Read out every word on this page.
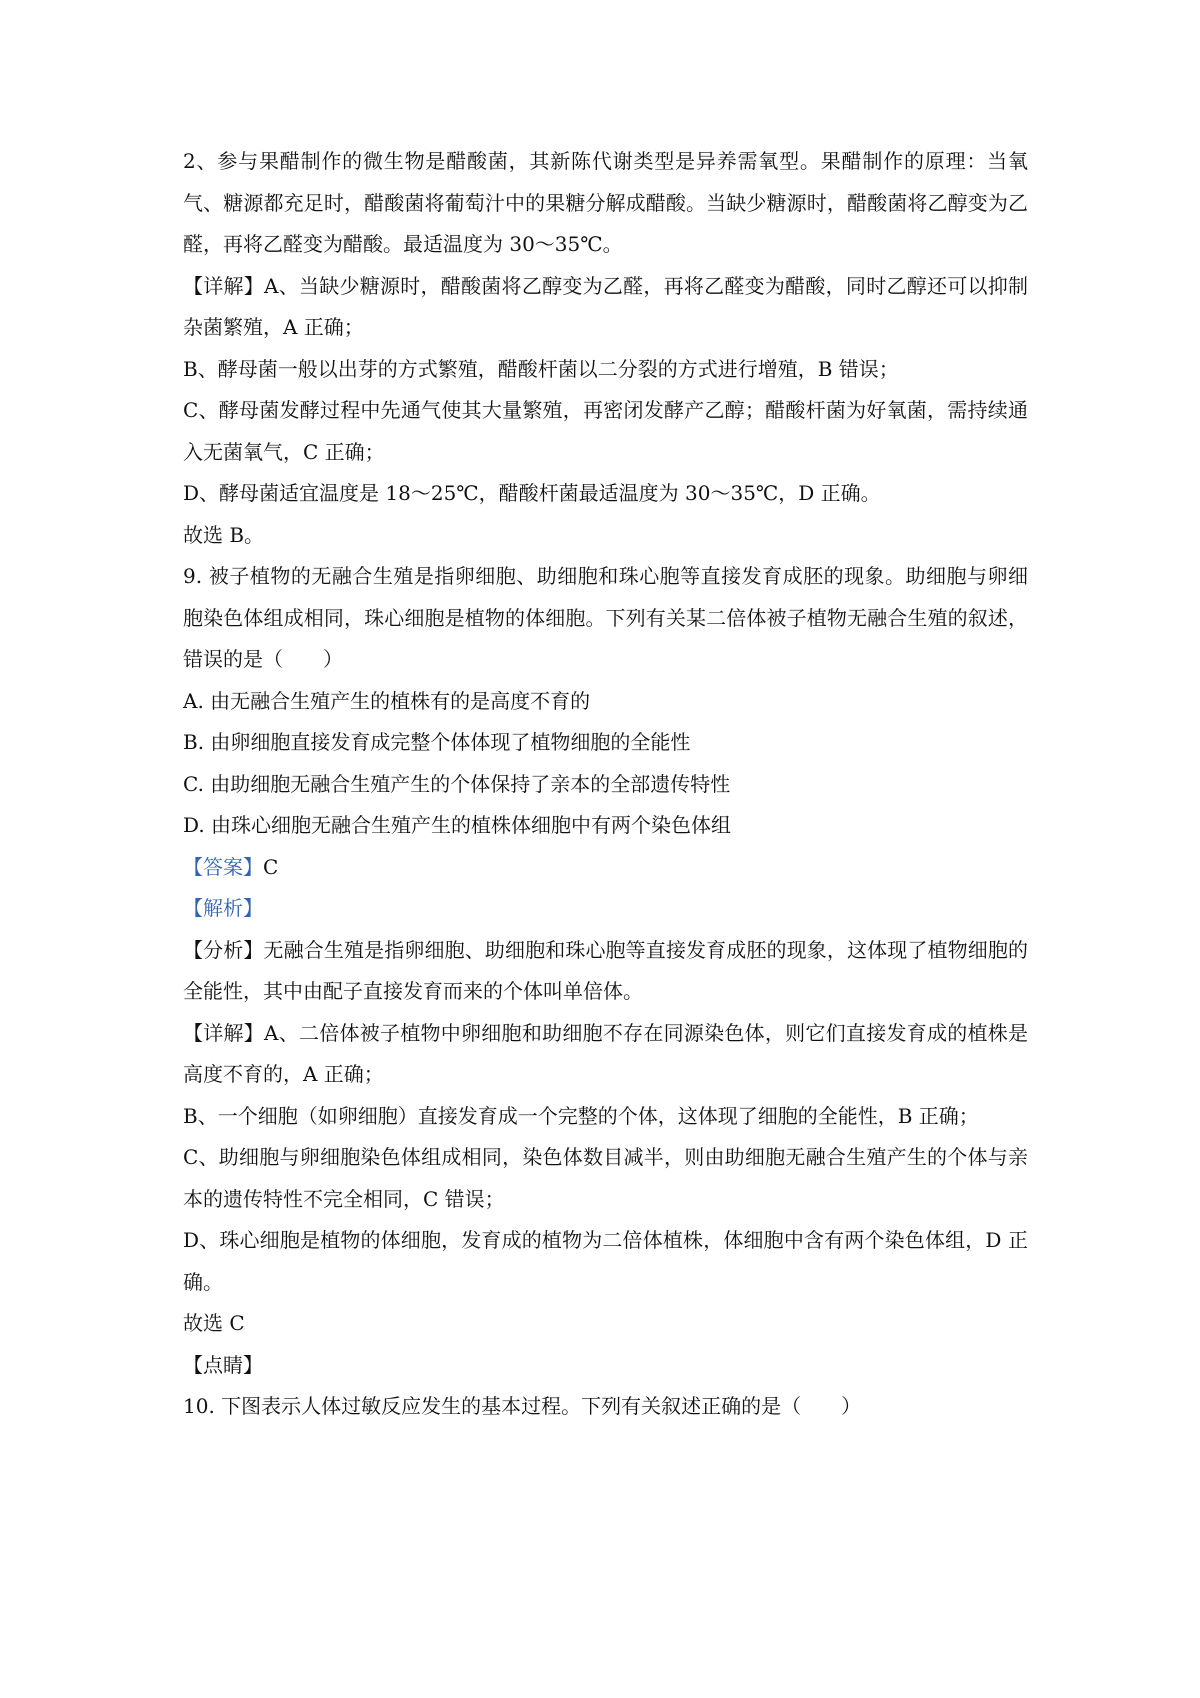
2、参与果醋制作的微生物是醋酸菌，其新陈代谢类型是异养需氧型。果醋制作的原理：当氧气、糖源都充足时，醋酸菌将葡萄汁中的果糖分解成醋酸。当缺少糖源时，醋酸菌将乙醇变为乙醛，再将乙醛变为醋酸。最适温度为 30～35℃。

【详解】A、当缺少糖源时，醋酸菌将乙醇变为乙醛，再将乙醛变为醋酸，同时乙醇还可以抑制杂菌繁殖，A 正确；

B、酵母菌一般以出芽的方式繁殖，醋酸杆菌以二分裂的方式进行增殖，B 错误；

C、酵母菌发酵过程中先通气使其大量繁殖，再密闭发酵产乙醇；醋酸杆菌为好氧菌，需持续通入无菌氧气，C 正确；

D、酵母菌适宜温度是 18～25℃，醋酸杆菌最适温度为 30～35℃，D 正确。

故选 B。

9. 被子植物的无融合生殖是指卵细胞、助细胞和珠心胞等直接发育成胚的现象。助细胞与卵细胞染色体组成相同，珠心细胞是植物的体细胞。下列有关某二倍体被子植物无融合生殖的叙述，错误的是（　　）

A. 由无融合生殖产生的植株有的是高度不育的

B. 由卵细胞直接发育成完整个体体现了植物细胞的全能性

C. 由助细胞无融合生殖产生的个体保持了亲本的全部遗传特性

D. 由珠心细胞无融合生殖产生的植株体细胞中有两个染色体组

【答案】C

【解析】

【分析】无融合生殖是指卵细胞、助细胞和珠心胞等直接发育成胚的现象，这体现了植物细胞的全能性，其中由配子直接发育而来的个体叫单倍体。

【详解】A、二倍体被子植物中卵细胞和助细胞不存在同源染色体，则它们直接发育成的植株是高度不育的，A 正确；

B、一个细胞（如卵细胞）直接发育成一个完整的个体，这体现了细胞的全能性，B 正确；

C、助细胞与卵细胞染色体组成相同，染色体数目减半，则由助细胞无融合生殖产生的个体与亲本的遗传特性不完全相同，C 错误；

D、珠心细胞是植物的体细胞，发育成的植物为二倍体植株，体细胞中含有两个染色体组，D 正确。

故选 C

【点睛】

10. 下图表示人体过敏反应发生的基本过程。下列有关叙述正确的是（　　）
